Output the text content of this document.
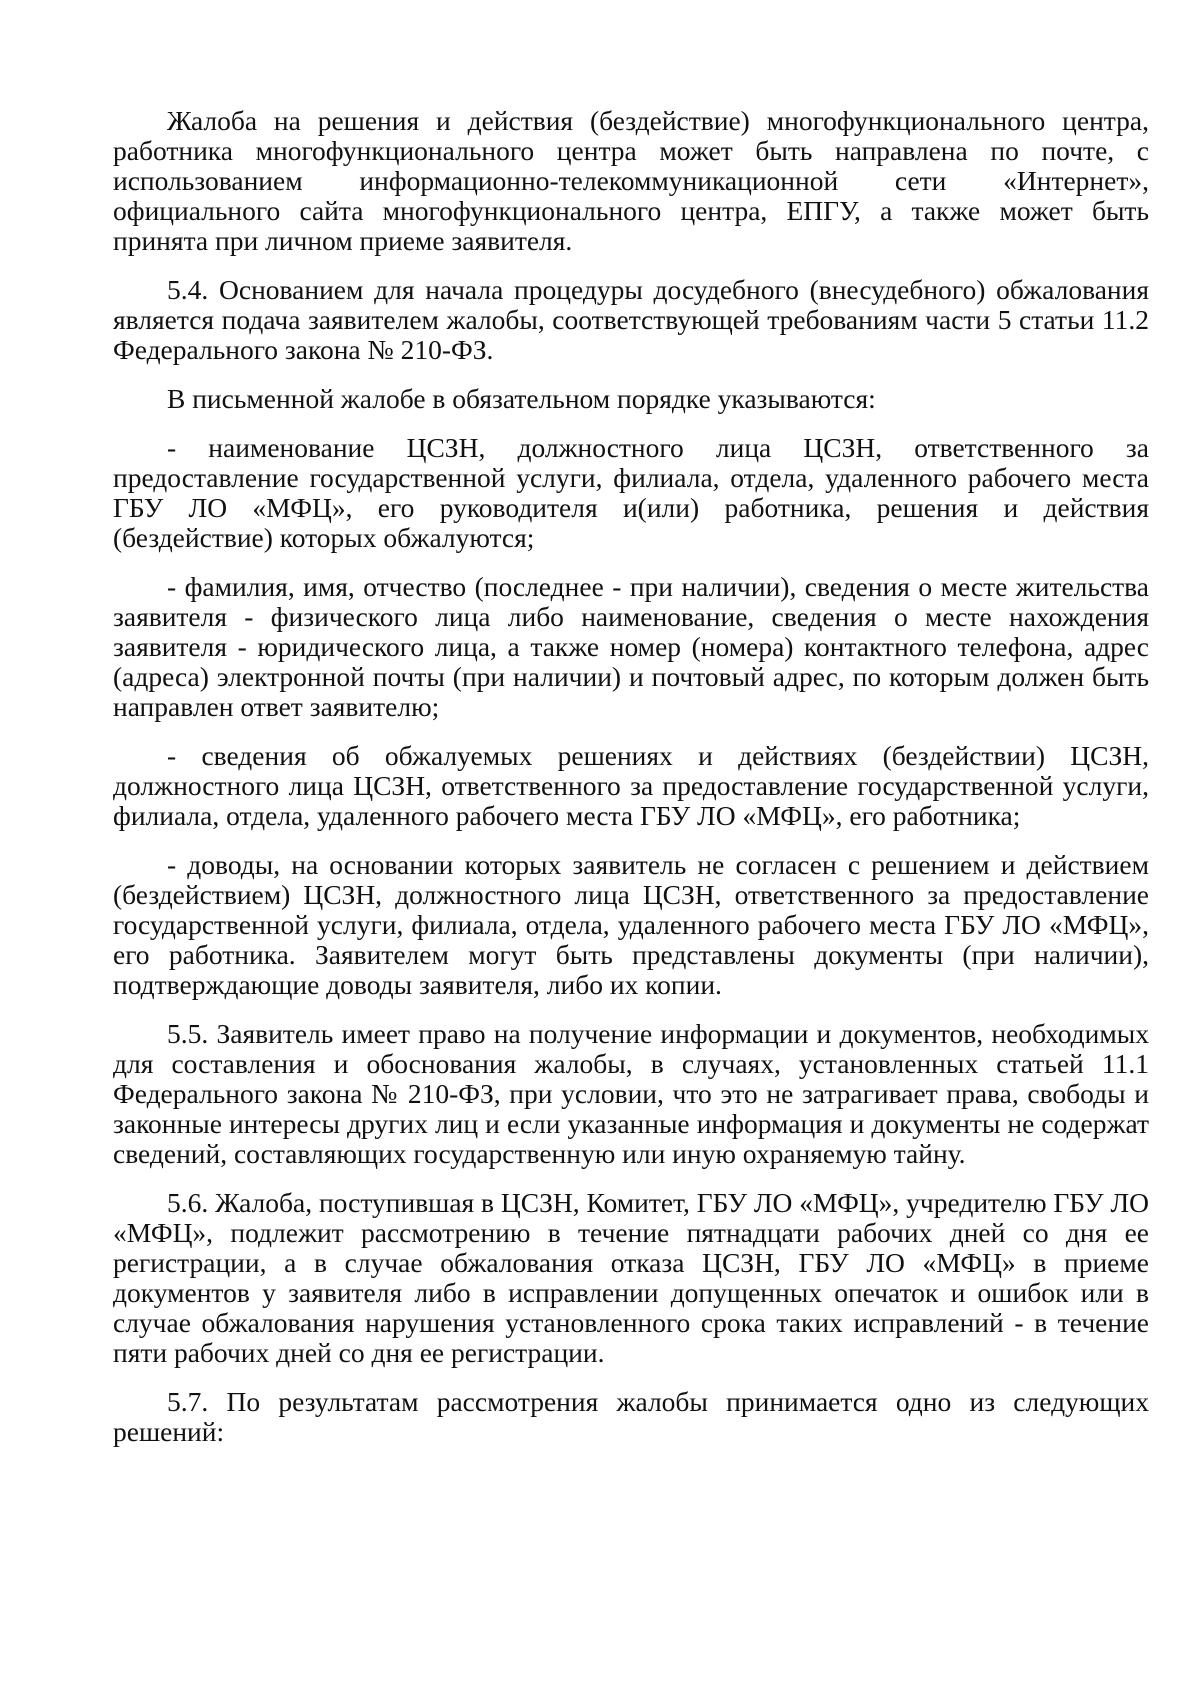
Жалоба на решения и действия (бездействие) многофункционального центра, работника многофункционального центра может быть направлена по почте, с использованием информационно-телекоммуникационной сети «Интернет», официального сайта многофункционального центра, ЕПГУ, а также может быть принята при личном приеме заявителя.

5.4. Основанием для начала процедуры досудебного (внесудебного) обжалования является подача заявителем жалобы, соответствующей требованиям части 5 статьи 11.2 Федерального закона № 210-ФЗ.

В письменной жалобе в обязательном порядке указываются:

- наименование ЦСЗН, должностного лица ЦСЗН, ответственного за предоставление государственной услуги, филиала, отдела, удаленного рабочего места ГБУ ЛО «МФЦ», его руководителя и(или) работника, решения и действия (бездействие) которых обжалуются;

- фамилия, имя, отчество (последнее - при наличии), сведения о месте жительства заявителя - физического лица либо наименование, сведения о месте нахождения заявителя - юридического лица, а также номер (номера) контактного телефона, адрес (адреса) электронной почты (при наличии) и почтовый адрес, по которым должен быть направлен ответ заявителю;

- сведения об обжалуемых решениях и действиях (бездействии) ЦСЗН, должностного лица ЦСЗН, ответственного за предоставление государственной услуги, филиала, отдела, удаленного рабочего места ГБУ ЛО «МФЦ», его работника;

- доводы, на основании которых заявитель не согласен с решением и действием (бездействием) ЦСЗН, должностного лица ЦСЗН, ответственного за предоставление государственной услуги, филиала, отдела, удаленного рабочего места ГБУ ЛО «МФЦ», его работника. Заявителем могут быть представлены документы (при наличии), подтверждающие доводы заявителя, либо их копии.

5.5. Заявитель имеет право на получение информации и документов, необходимых для составления и обоснования жалобы, в случаях, установленных статьей 11.1 Федерального закона № 210-ФЗ, при условии, что это не затрагивает права, свободы и законные интересы других лиц и если указанные информация и документы не содержат сведений, составляющих государственную или иную охраняемую тайну.

5.6. Жалоба, поступившая в ЦСЗН, Комитет, ГБУ ЛО «МФЦ», учредителю ГБУ ЛО «МФЦ», подлежит рассмотрению в течение пятнадцати рабочих дней со дня ее регистрации, а в случае обжалования отказа ЦСЗН, ГБУ ЛО «МФЦ» в приеме документов у заявителя либо в исправлении допущенных опечаток и ошибок или в случае обжалования нарушения установленного срока таких исправлений - в течение пяти рабочих дней со дня ее регистрации.

5.7. По результатам рассмотрения жалобы принимается одно из следующих решений:
